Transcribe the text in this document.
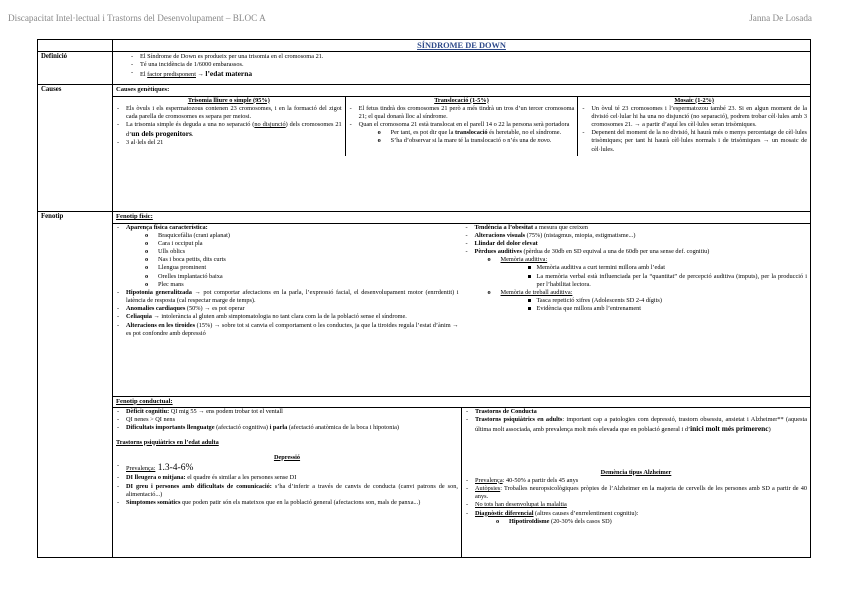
Discapacitat Intel·lectual i Trastorns del Desenvolupament – BLOC A	Janna De Losada
SÍNDROME DE DOWN
Definició
-	El Síndrome de Down es produeix per una trisomia en el cromosoma 21.
- Té una incidència de 1/6000 embarassos.
- El factor predisponent → l’edat materna
Causes	Causes genètiques:
Trisomia lliure o simple (95%)
- Els òvuls i els espermatozous contenen 23 cromosomes, i en la formació del zigot cada parella de cromosomes es separa per meiosi.
- La trisomia simple és deguda a una no separació (no disjunció) dels cromosomes 21 d’un dels progenitors.
- 3 al·lels del 21
Translocació (1-5%)
- El fetus tindrà dos cromosomes 21 però a més tindrà un tros d’un tercer cromosoma 21; el qual donarà lloc al síndrome.
- Quan el cromosoma 21 està translocat en el parell 14 o 22 la persona serà portadora
o Per tant, es pot dir que la translocació és heretable, no el síndrome.
o S’ha d’observar si la mare té la translocació o n’és una de novo.
Mosaic (1-2%)
- Un òvul té 23 cromosomes i l’espermatozou també 23. Si en algun moment de la divisió cel·lular hi ha una no disjunció (no separació), podrem trobar cèl·lules amb 3 cromosomes 21. → a partir d’aquí les cèl·lules seran trisòmiques.
- Depenent del moment de la no divisió, hi haurà més o menys percentatge de cèl·lules trisòmiques; per tant hi haurà cèl·lules normals i de trisòmiques → un mosaic de cèl·lules.
Fenotip	Fenotip físic:
- Aparença física característica:
o Braquicefàlia (crani aplanat)
o Cara i occiput pla
o Ulls oblics
o Nas i boca petits, dits curts
o Llengua prominent
o Orelles implantació baixa
o Plec mans
- Hipotonia generalitzada → pot comportar afectacions en la parla, l’expressió facial, el desenvolupament motor (enrrdentit) i latència de resposta (cal respectar marge de temps).
- Anomalies cardiaques (50%) → es pot operar
- Celiaquia → intolerància al gluten amb simptomatologia no tant clara com la de la població sense el síndrome.
- Alteracions en les tiroides (15%) → sobre tot si canvia el comportament o les conductes, ja que la tiroides regula l’estat d’ànim → es pot confondre amb depressió
- Tendència a l’obesitat a mesura que creixen
- Alteracions visuals (75%) (nistagmus, miopia, estigmatisme...)
- Llindar del dolor elevat
- Pèrdues auditives (pèrdua de 30db en SD equival a una de 60db per una sense def. cognitiu)
o Memòria auditiva:
Memòria auditiva a curt termini millora amb l’edat
La memòria verbal està influenciada per la “quantitat” de percepció auditiva (imputs), per la producció i per l’habilitat lectora.
o Memòria de treball auditiva:
Tasca repetició xifres (Adolescents SD 2-4 dígits)
Evidència que millora amb l’entrenament
Fenotip conductual:
- Dèficit cognitiu: QI mig 55 → ens podem trobar tot el ventall
- QI nenes > QI nens
- Dificultats importants llenguatge (afectació cognitiva) i parla (afectació anatòmica de la boca i hipotonia)
Trastorns psiquiàtrics en l’edat adulta
Depressió
- Prevalença: 1.3-4-6%
- DI lleugera o mitjana: el quadre és similar a les persones sense DI
- DI greu i persones amb dificultats de comunicació: s’ha d’inferir a través de canvis de conducta (canvi patrons de son, alimentació...)
- Simptomes somàtics que poden patir són els mateixos que en la població general (afectacions son, mals de panxa...)
- Trastorns de Conducta
- Trastorns psiquiàtrics en adults: important cap a patologies com depressió, trastorn obsessiu, ansietat i Alzheimer** (aquesta última molt associada, amb prevalença molt més elevada que en població general i d’inici molt més primerenc)
Demència tipus Alzheimer
- Prevalença: 40-50% a partir dels 45 anys
- Autòpsies: Troballes neuropsicològiques pròpies de l’Alzheimer en la majoria de cervells de les persones amb SD a partir de 40 anys.
- No tots han desenvolupat la malaltia
- Diagnòstic diferencial (altres causes d’enrrelentiment cognitiu):
o Hipotiroïdisme (20-30% dels casos SD)
